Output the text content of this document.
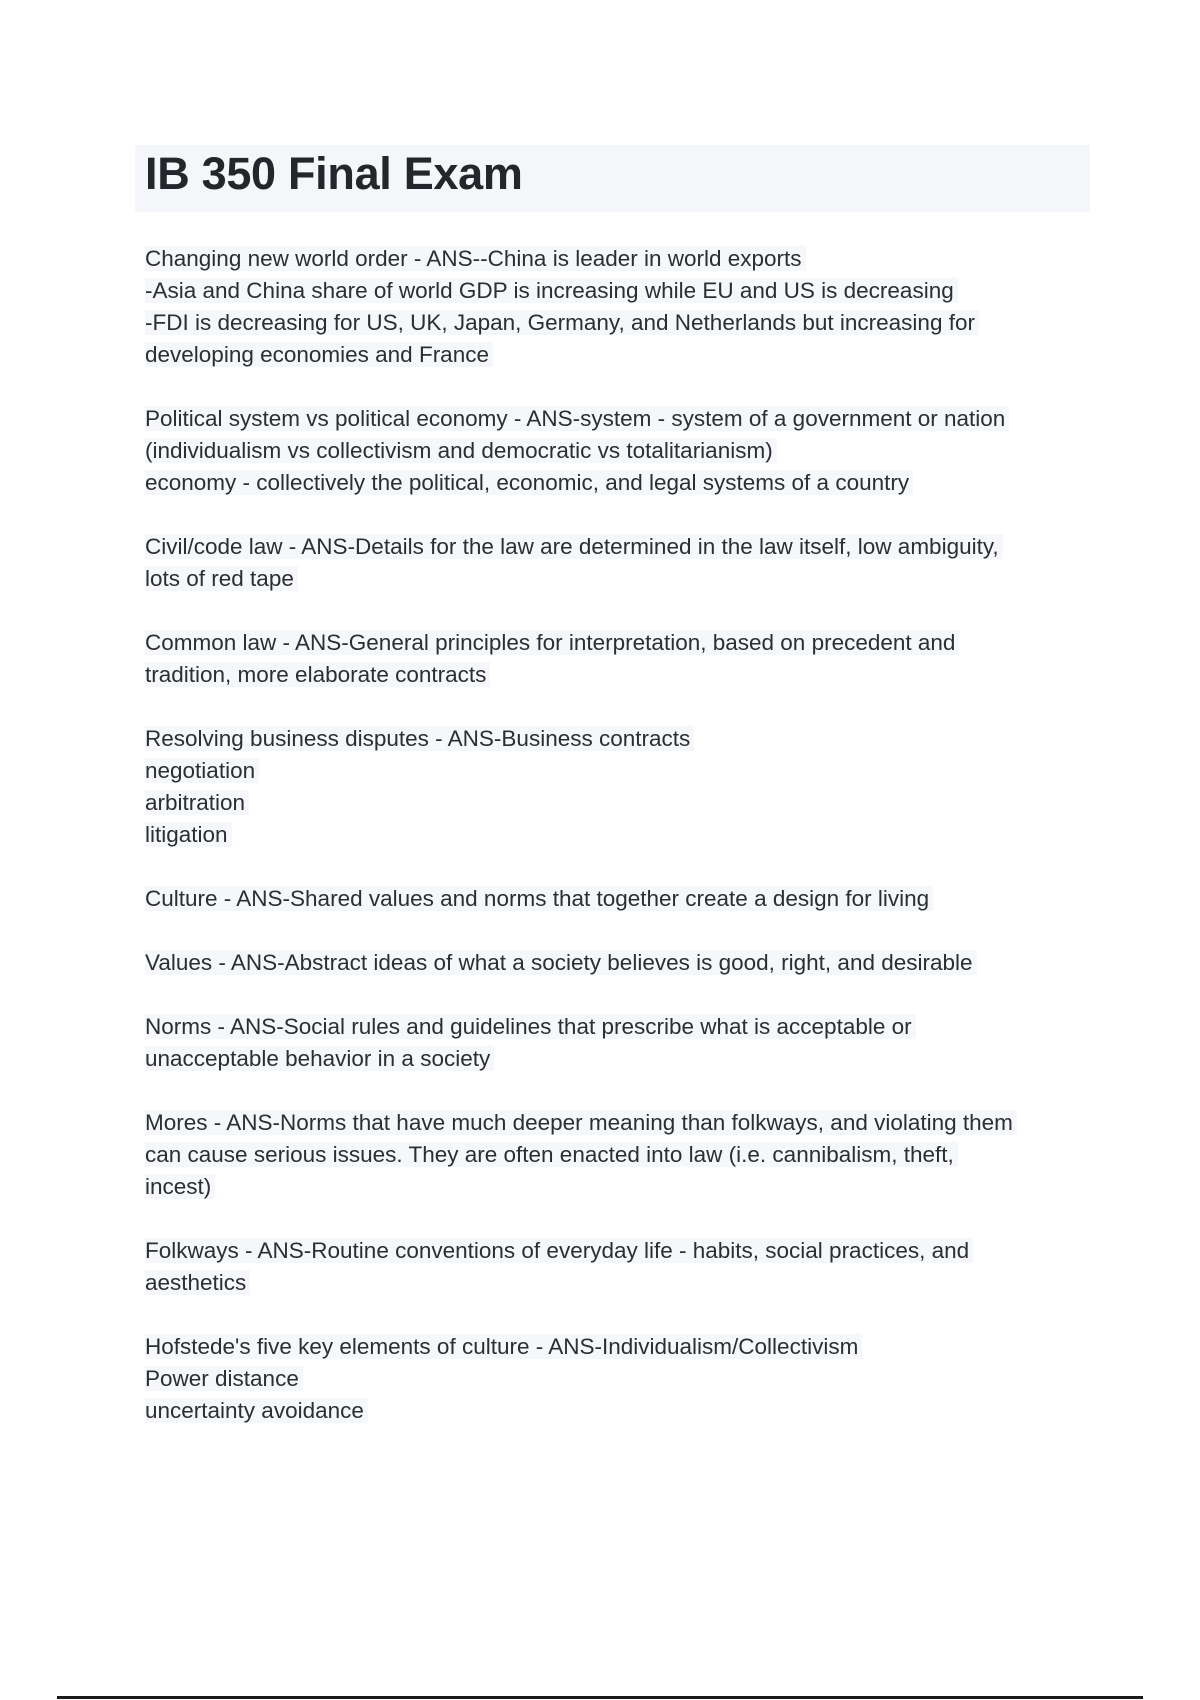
IB 350 Final Exam
Changing new world order - ANS--China is leader in world exports
-Asia and China share of world GDP is increasing while EU and US is decreasing
-FDI is decreasing for US, UK, Japan, Germany, and Netherlands but increasing for
developing economies and France
Political system vs political economy - ANS-system - system of a government or nation
(individualism vs collectivism and democratic vs totalitarianism)
economy - collectively the political, economic, and legal systems of a country
Civil/code law - ANS-Details for the law are determined in the law itself, low ambiguity,
lots of red tape
Common law - ANS-General principles for interpretation, based on precedent and
tradition, more elaborate contracts
Resolving business disputes - ANS-Business contracts
negotiation
arbitration
litigation
Culture - ANS-Shared values and norms that together create a design for living
Values - ANS-Abstract ideas of what a society believes is good, right, and desirable
Norms - ANS-Social rules and guidelines that prescribe what is acceptable or
unacceptable behavior in a society
Mores - ANS-Norms that have much deeper meaning than folkways, and violating them
can cause serious issues. They are often enacted into law (i.e. cannibalism, theft,
incest)
Folkways - ANS-Routine conventions of everyday life - habits, social practices, and
aesthetics
Hofstede's five key elements of culture - ANS-Individualism/Collectivism
Power distance
uncertainty avoidance
